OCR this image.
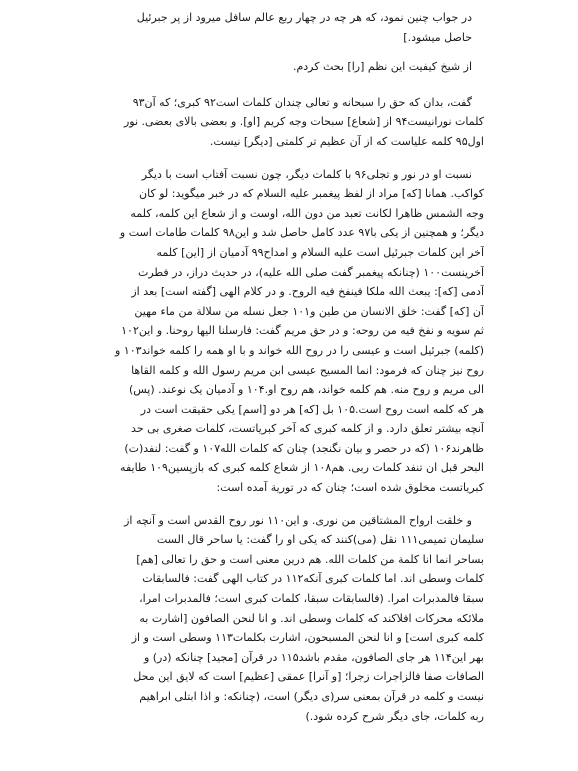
در جواب چنین نمود، که هر چه در چهار ربع عالم سافل میرود از پر جبرئیل
حاصل میشود.]

از شیخ کیفیت این نظم [را] بحث کردم.

گفت، بدان که حق را سبحانه و تعالی چندان کلمات است۹۲ کبری؛ که آن۹۳
کلمات نورانیست۹۴ از [شعاع] سبحات وجه کریم [او]. و بعضی بالای بعضی. نور
اول۹۵ کلمه علیاست که از آن عظیم تر کلمتی [دیگر] نیست.

نسبت او در نور و تجلی۹۶ با کلمات دیگر، چون نسبت آفتاب است با دیگر
کواکب. همانا [که] مراد از لفظ پیغمبر علیه السلام که در خبر میگوید: لو کان
وجه الشمس ظاهرا لکانت تعبد من دون الله، اوست و از شعاع این کلمه، کلمه
دیگر؛ و همچنین از یکی با۹۷ عدد کامل حاصل شد و این۹۸ کلمات طامات است و
آخر این کلمات جبرئیل است علیه السلام و امداح۹۹ آدمیان از [این] کلمه
آخرینست۱۰۰ (چنانکه پیغمبر گفت صلی الله علیه)، در حدیث دراز، در فطرت
آدمی [که]: یبعث الله ملکا فینفخ فیه الروح. و در کلام الهی [گفته است] بعد از
آن [که] گفت: خلق الانسان من طین و۱۰۱ جعل نسله من سلالة من ماء مهین
ثم سویه و نفخ فیه من روحه: و در حق مریم گفت: فارسلنا الیها روحنا. و این۱۰۲
(کلمه) جبرئیل است و عیسی را در روح الله خواند و با او همه را کلمه خواند۱۰۳ و
روح نیز چنان که فرمود: انما المسیح عیسی ابن مریم رسول الله و کلمه القاها
الی مریم و روح منه. هم کلمه خواند، هم روح او.۱۰۴ و آدمیان یک نوعند. (پس)
هر که کلمه است روح است.۱۰۵ بل [که] هر دو [اسم] یکی حقیقت است در
آنچه بیشتر تعلق دارد. و از کلمه کبری که آخر کبریاتست، کلمات صغری بی حد
ظاهرند۱۰۶ (که در حصر و بیان نگنجد) چنان که کلمات الله۱۰۷ و گفت: لنفد(ت)
البحر قبل ان تنفد کلمات ربی. هم۱۰۸ از شعاع کلمه کبری که بازپسین۱۰۹ طایفه
کبریاتست مخلوق شده است؛ چنان که در توریة آمده است:

و خلقت ارواح المشتاقین من نوری. و این۱۱۰ نور روح القدس است و آنچه از
سلیمان تمیمی۱۱۱ نقل (می)کنند که یکی او را گفت: یا ساحر قال الست
بساحر انما انا کلمة من کلمات الله. هم درین معنی است و حق را تعالی [هم]
کلمات وسطی اند. اما کلمات کبری آنکه۱۱۲ در کتاب الهی گفت: فالسابقات
سبقا فالمدبرات امرا. (فالسابقات سبقا، کلمات کبری است؛ فالمدبرات امرا،
ملائکه محرکات افلاکند که کلمات وسطی اند. و انا لنحن الصافون [اشارت به
کلمه کبری است] و انا لنحن المسبحون، اشارت بکلمات۱۱۳ وسطی است و از
بهر این۱۱۴ هر جای الصافون، مقدم باشد۱۱۵ در قرآن [مجید] چنانکه (در) و
الصافات صفا فالزاجرات زجرا؛ [و آنرا] عمقی [عظیم] است که لایق این محل
نیست و کلمه در قرآن بمعنی سر(ی دیگر) است، (چنانکه: و اذا ابتلی ابراهیم
ربه کلمات، جای دیگر شرح کرده شود.)
